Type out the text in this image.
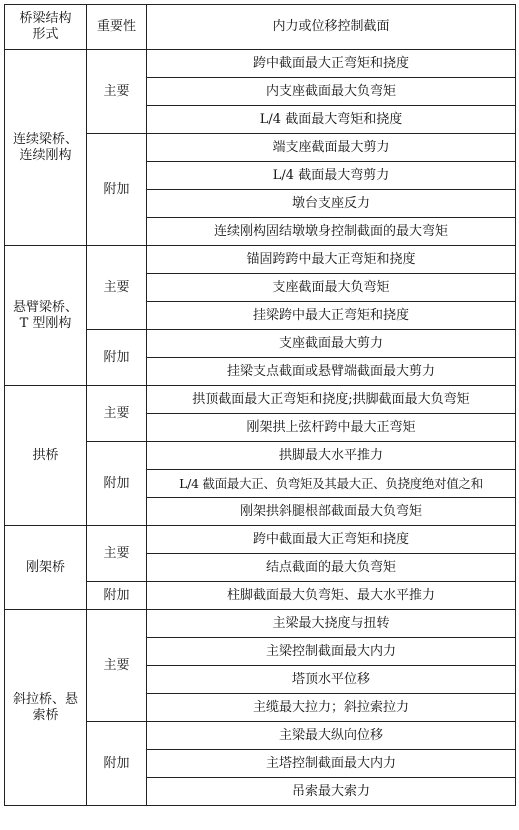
桥梁结构
形式	重要性	内力或位移控制截面
连续梁桥、
连续刚构	主要	跨中截面最大正弯矩和挠度
		内支座截面最大负弯矩
		L/4 截面最大弯矩和挠度
	附加	端支座截面最大剪力
		L/4 截面最大弯剪力
		墩台支座反力
		连续刚构固结墩墩身控制截面的最大弯矩
悬臂梁桥、
T 型刚构	主要	锚固跨跨中最大正弯矩和挠度
		支座截面最大负弯矩
		挂梁跨中最大正弯矩和挠度
	附加	支座截面最大剪力
		挂梁支点截面或悬臂端截面最大剪力
拱桥	主要	拱顶截面最大正弯矩和挠度;拱脚截面最大负弯矩
		刚架拱上弦杆跨中最大正弯矩
	附加	拱脚最大水平推力
		L/4 截面最大正、负弯矩及其最大正、负挠度绝对值之和
		刚架拱斜腿根部截面最大负弯矩
刚架桥	主要	跨中截面最大正弯矩和挠度
		结点截面的最大负弯矩
	附加	柱脚截面最大负弯矩、最大水平推力
斜拉桥、悬
索桥	主要	主梁最大挠度与扭转
		主梁控制截面最大内力
		塔顶水平位移
		主缆最大拉力；斜拉索拉力
	附加	主梁最大纵向位移
		主塔控制截面最大内力
		吊索最大索力
